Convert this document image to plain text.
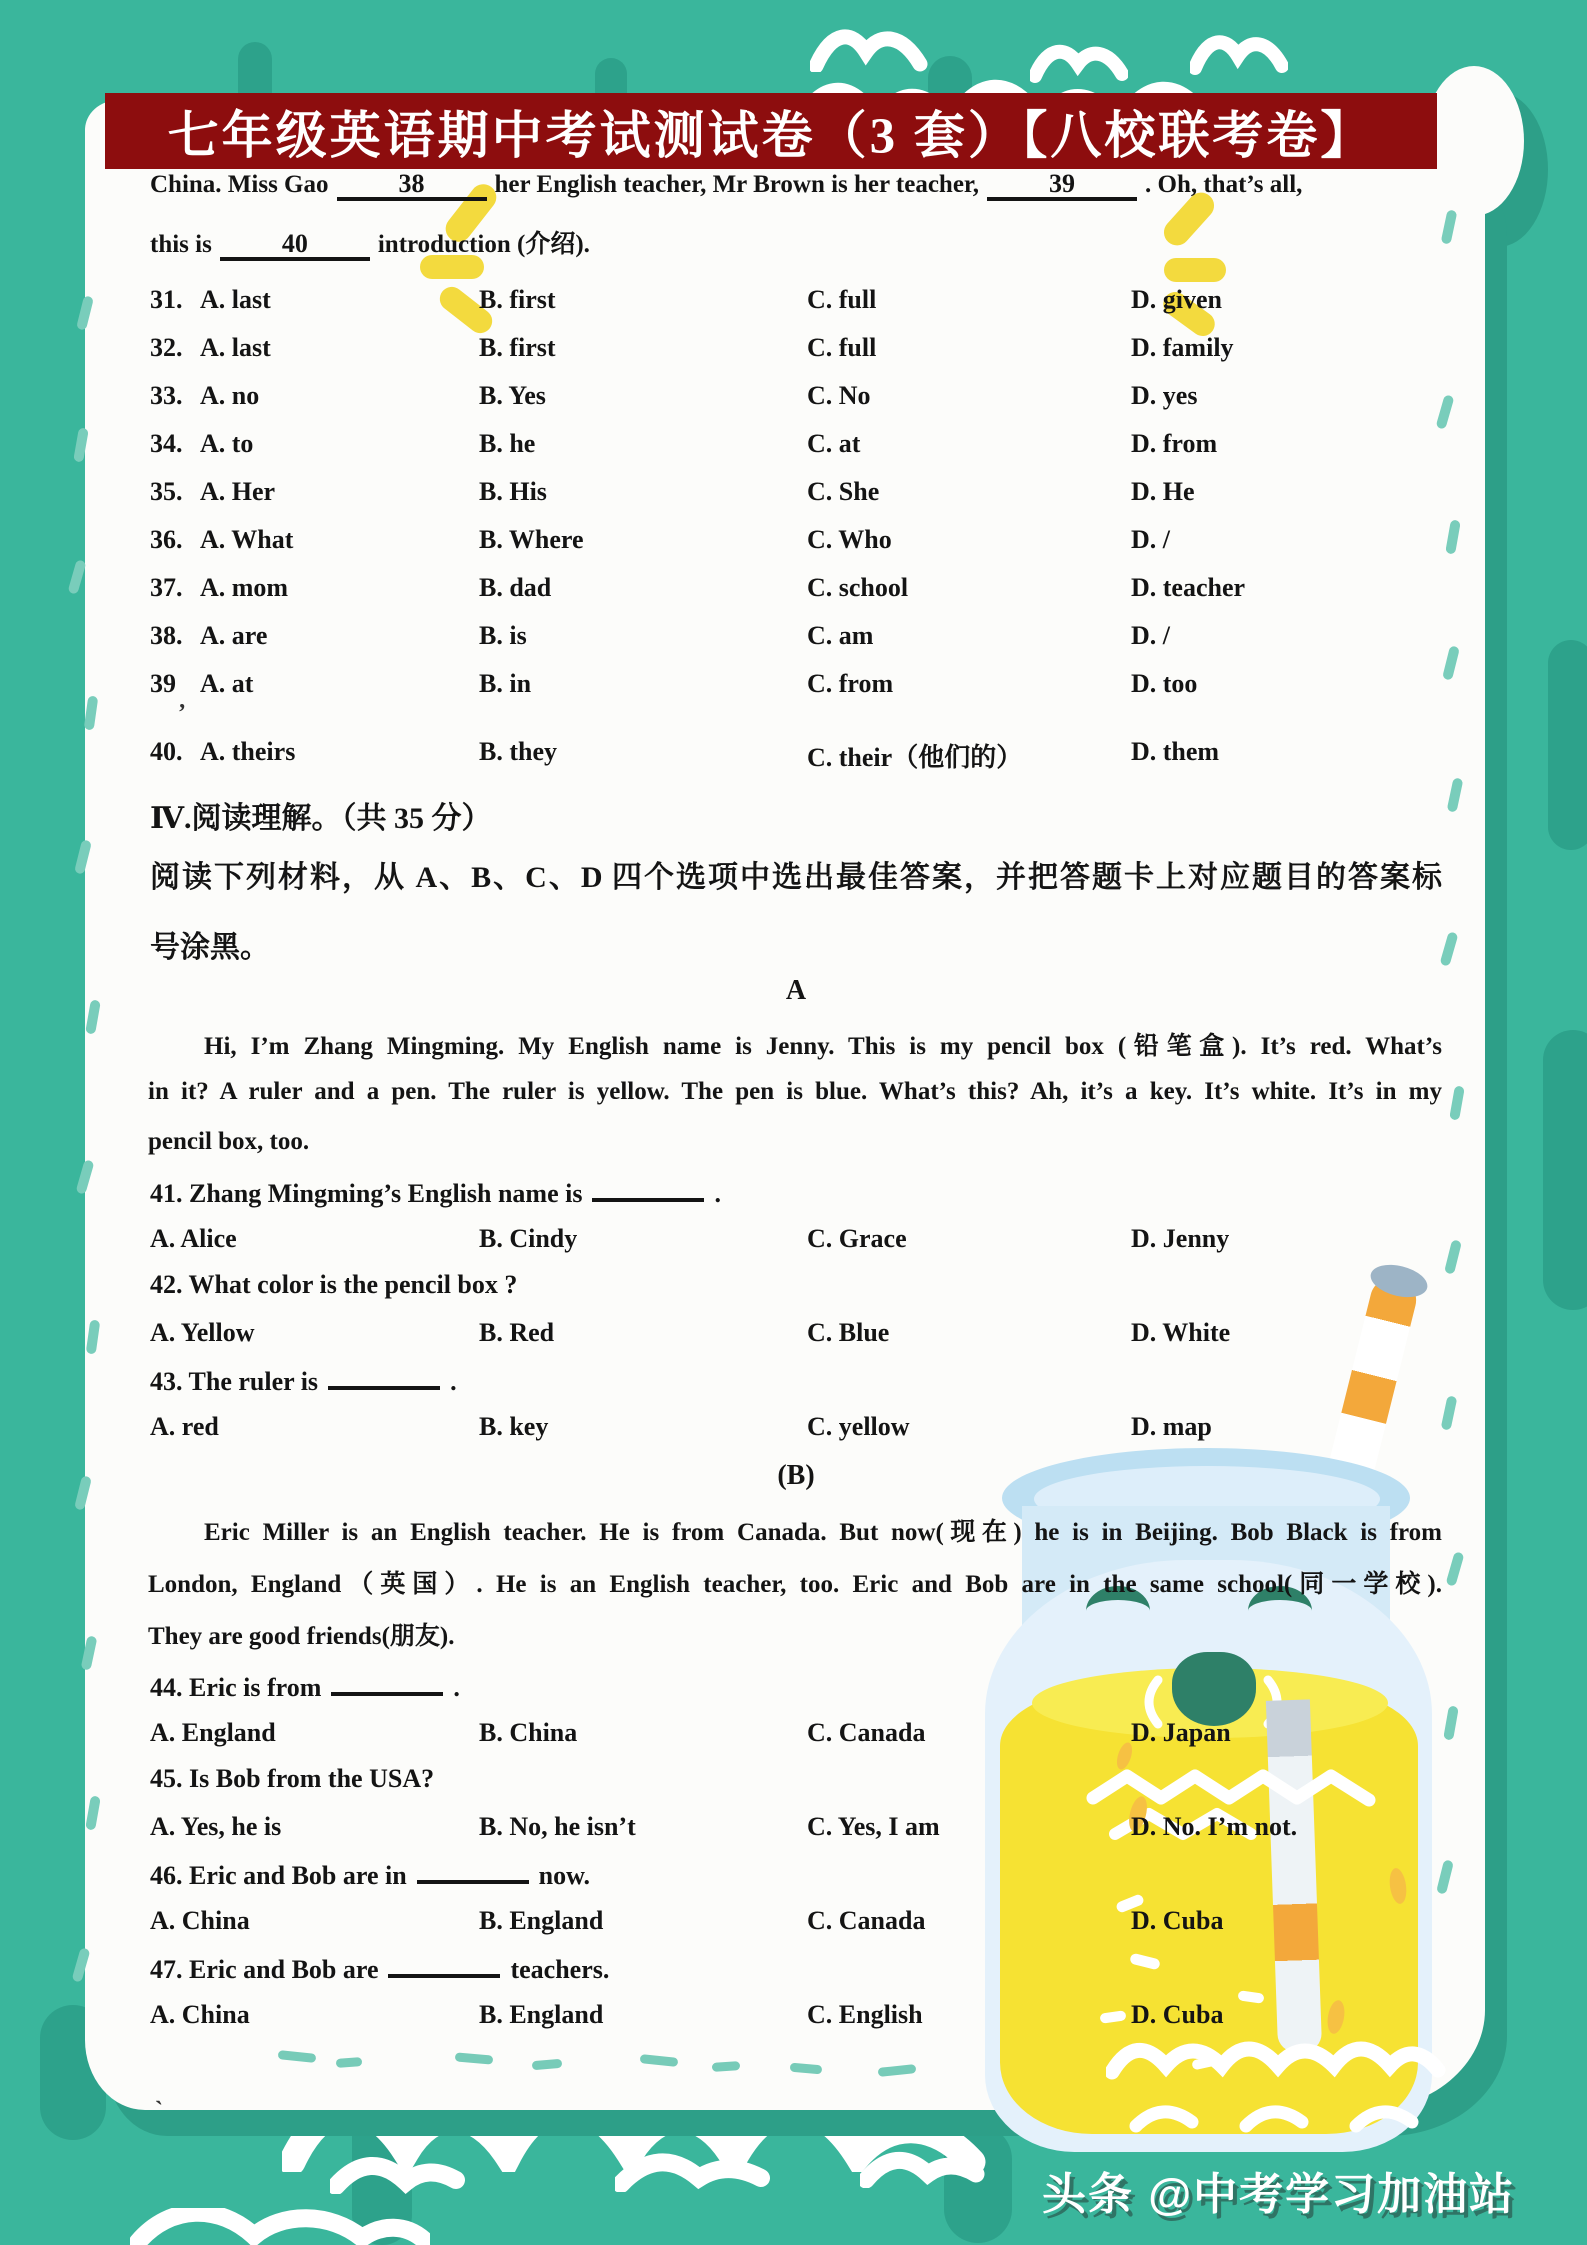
七年级英语期中考试测试卷（3 套）【八校联考卷】
China. Miss Gao	38	her English teacher, Mr Brown is her teacher,	39	. Oh, that’s all,
this is	40	introduction (介绍).
31. A. last	B. first	C. full	D. given
32. A. last	B. first	C. full	D. family
33. A. no	B. Yes	C. No	D. yes
34. A. to	B. he	C. at	D. from
35. A. Her	B. His	C. She	D. He
36. A. What	B. Where	C. Who	D. /
37. A. mom	B. dad	C. school	D. teacher
38. A. are	B. is	C. am	D. /
39 A. at	B. in	C. from	D. too
’
40. A. theirs	B. they	C. their（他们的）	D. them
Ⅳ.阅读理解。（共 35 分）
阅读下列材料，从 A、B、C、D 四个选项中选出最佳答案，并把答题卡上对应题目的答案标
号涂黑。
A
Hi, I’m Zhang Mingming. My English name is Jenny. This is my pencil box (铅笔盒). It’s red. What’s
in it? A ruler and a pen. The ruler is yellow. The pen is blue. What’s this? Ah, it’s a key. It’s white. It’s in my
pencil box, too.
41. Zhang Mingming’s English name is	.
A. Alice	B. Cindy	C. Grace	D. Jenny
42. What color is the pencil box ?
A. Yellow	B. Red	C. Blue	D. White
43. The ruler is	.
A. red	B. key	C. yellow	D. map
(B)
Eric Miller is an English teacher. He is from Canada. But now(现在) he is in Beijing. Bob Black is from
London, England（英国）. He is an English teacher, too. Eric and Bob are in the same school(同一学校).
They are good friends(朋友).
44. Eric is from	.
A. England	B. China	C. Canada	D. Japan
45. Is Bob from the USA?
A. Yes, he is	B. No, he isn’t	C. Yes, I am	D. No. I’m not.
46. Eric and Bob are in	now.
A. China	B. England	C. Canada	D. Cuba
47. Eric and Bob are	teachers.
A. China	B. England	C. English	D. Cuba
`
头条 @中考学习加油站
